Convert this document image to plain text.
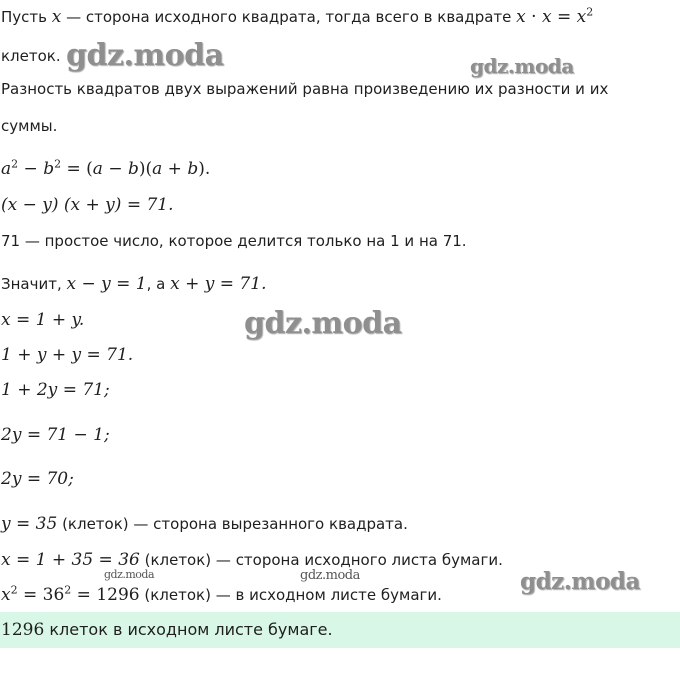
Пусть x — сторона исходного квадрата, тогда всего в квадрате $x \cdot x = x^2$
клеток.
Разность квадратов двух выражений равна произведению их разности и их
суммы.
$a^2 - b^2 = (a - b)(a + b)$.
(x − y) (x + y) = 71.
71 — простое число, которое делится только на 1 и на 71.
Значит, x − y = 1, а x + y = 71.
x = 1 + y.
1 + y + y = 71.
1 + 2y = 71;
2y = 71 − 1;
2y = 70;
y = 35 (клеток) — сторона вырезанного квадрата.
x = 1 + 35 = 36 (клеток) — сторона исходного листа бумаги.
$x^2 = 36^2 = 1296$ (клеток) — в исходном листе бумаги.
1296 клеток в исходном листе бумаге.
gdz.moda	gdz.moda
gdz.moda
gdz.moda	gdz.moda	gdz.moda
